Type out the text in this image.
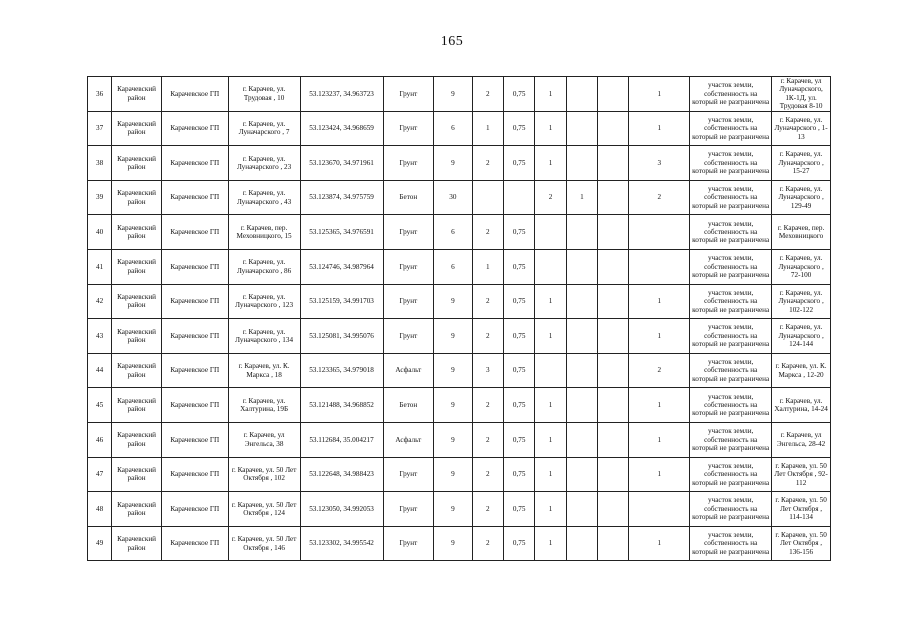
165
36	Карачевский район	Карачевское ГП	г. Карачев, ул. Трудовая , 10	53.123237, 34.963723	Грунт	9	2	0,75	1			1	участок земли, собственность на который не разграничена	г. Карачев, ул Луначарского, 1К-1Д, ул. Трудовая 8-10
37	Карачевский район	Карачевское ГП	г. Карачев, ул. Луначарского , 7	53.123424, 34.968659	Грунт	6	1	0,75	1			1	участок земли, собственность на который не разграничена	г. Карачев, ул. Луначарского , 1-13
38	Карачевский район	Карачевское ГП	г. Карачев, ул. Луначарского , 23	53.123670, 34.971961	Грунт	9	2	0,75	1			3	участок земли, собственность на который не разграничена	г. Карачев, ул. Луначарского , 15-27
39	Карачевский район	Карачевское ГП	г. Карачев, ул. Луначарского , 43	53.123874, 34.975759	Бетон	30			2	1		2	участок земли, собственность на который не разграничена	г. Карачев, ул. Луначарского , 129-49
40	Карачевский район	Карачевское ГП	г. Карачев, пер. Меховницкого, 15	53.125365, 34.976591	Грунт	6	2	0,75					участок земли, собственность на который не разграничена	г. Карачев, пер. Меховницкого
41	Карачевский район	Карачевское ГП	г. Карачев, ул. Луначарского , 86	53.124746, 34.987964	Грунт	6	1	0,75					участок земли, собственность на который не разграничена	г. Карачев, ул. Луначарского , 72-100
42	Карачевский район	Карачевское ГП	г. Карачев, ул. Луначарского , 123	53.125159, 34.991703	Грунт	9	2	0,75	1			1	участок земли, собственность на который не разграничена	г. Карачев, ул. Луначарского , 102-122
43	Карачевский район	Карачевское ГП	г. Карачев, ул. Луначарского , 134	53.125081, 34.995076	Грунт	9	2	0,75	1			1	участок земли, собственность на который не разграничена	г. Карачев, ул. Луначарского , 124-144
44	Карачевский район	Карачевское ГП	г. Карачев, ул. К. Маркса , 18	53.123365, 34.979018	Асфальт	9	3	0,75				2	участок земли, собственность на который не разграничена	г. Карачев, ул. К. Маркса , 12-20
45	Карачевский район	Карачевское ГП	г. Карачев, ул. Халтурина, 19Б	53.121488, 34.968852	Бетон	9	2	0,75	1			1	участок земли, собственность на который не разграничена	г. Карачев, ул. Халтурина, 14-24
46	Карачевский район	Карачевское ГП	г. Карачев, ул Энгельса, 38	53.112684, 35.004217	Асфальт	9	2	0,75	1			1	участок земли, собственность на который не разграничена	г. Карачев, ул Энгельса, 28-42
47	Карачевский район	Карачевское ГП	г. Карачев, ул. 50 Лет Октября , 102	53.122648, 34.988423	Грунт	9	2	0,75	1			1	участок земли, собственность на который не разграничена	г. Карачев, ул. 50 Лет Октября , 92-112
48	Карачевский район	Карачевское ГП	г. Карачев, ул. 50 Лет Октября , 124	53.123050, 34.992053	Грунт	9	2	0,75	1				участок земли, собственность на который не разграничена	г. Карачев, ул. 50 Лет Октября , 114-134
49	Карачевский район	Карачевское ГП	г. Карачев, ул. 50 Лет Октября , 146	53.123302, 34.995542	Грунт	9	2	0,75	1			1	участок земли, собственность на который не разграничена	г. Карачев, ул. 50 Лет Октября , 136-156
